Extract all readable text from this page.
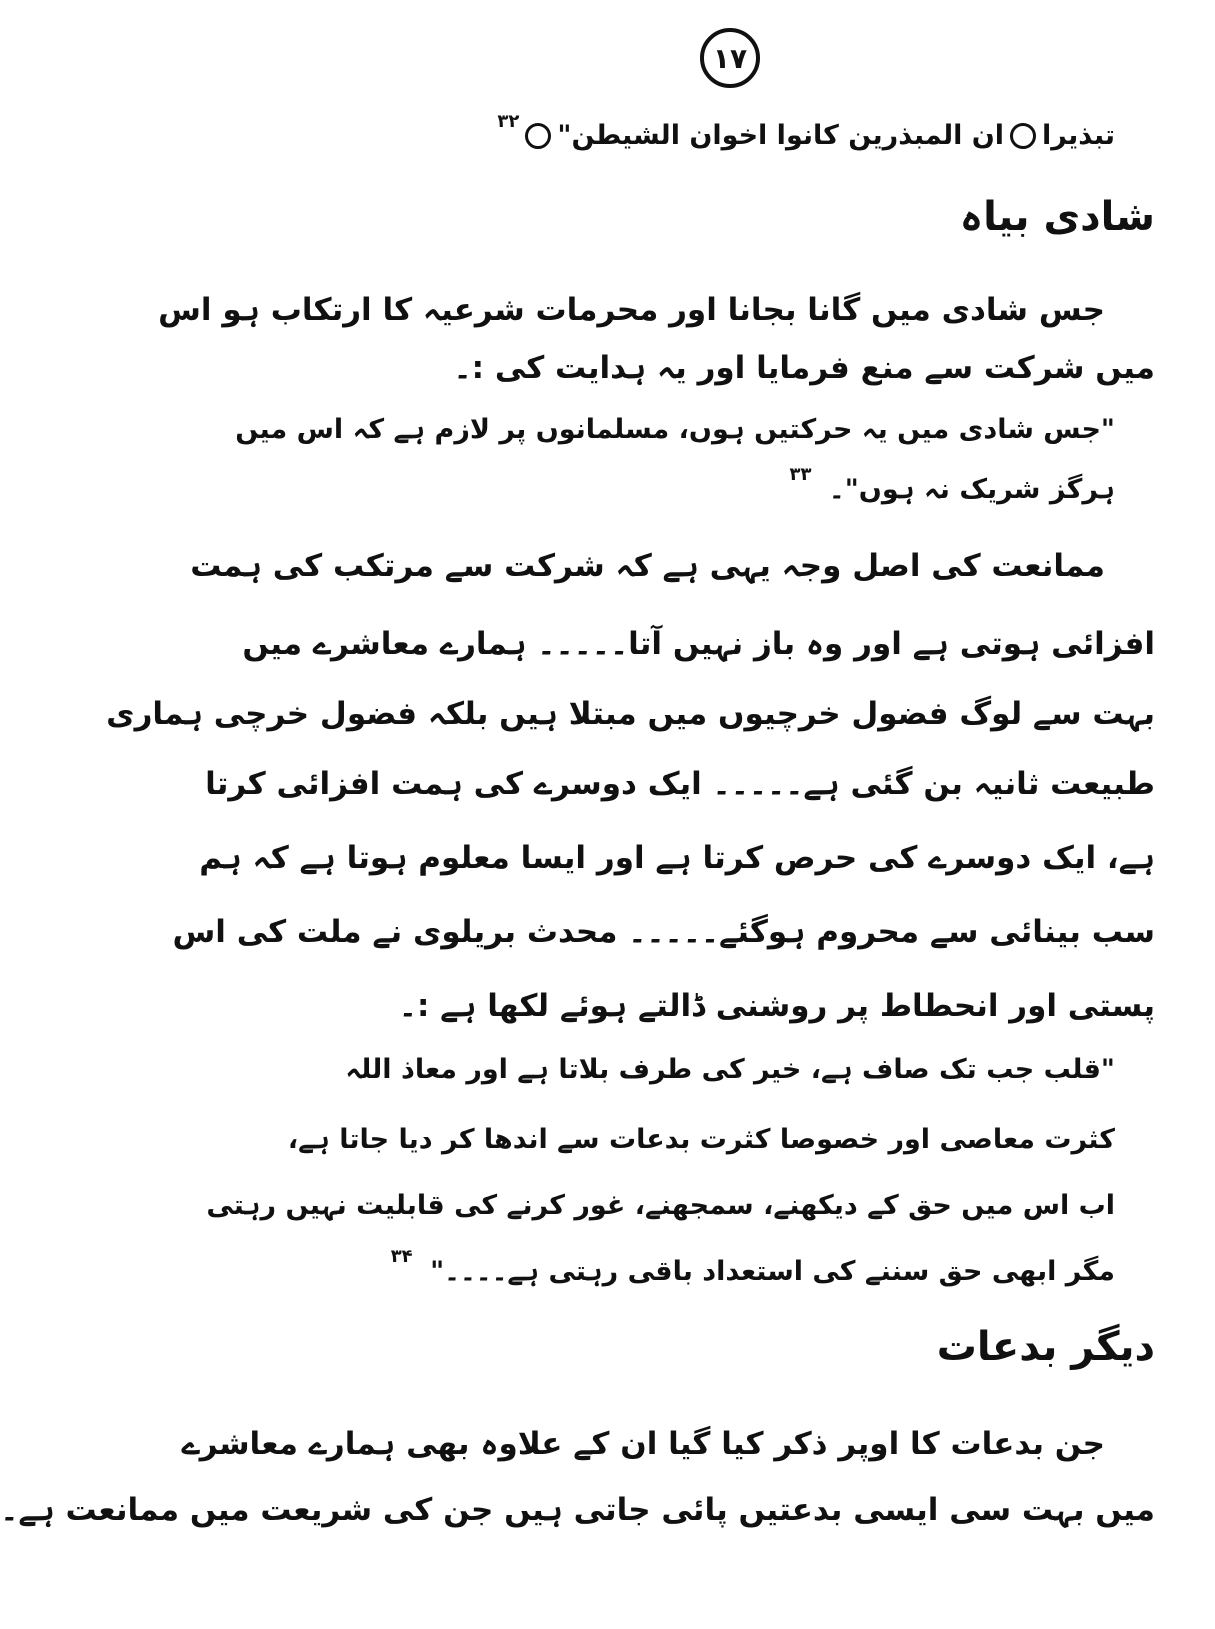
۱۷
تبذیرا
ان المبذرین کانوا اخوان الشیطن"
۳۲
شادی بیاہ
جس شادی میں گانا بجانا اور محرمات شرعیہ کا ارتکاب ہو اس
میں شرکت سے منع فرمایا اور یہ ہدایت کی :۔
"جس شادی میں یہ حرکتیں ہوں، مسلمانوں پر لازم ہے کہ اس میں
ہرگز شریک نہ ہوں"۔ $^{۳۳}$
ممانعت کی اصل وجہ یہی ہے کہ شرکت سے مرتکب کی ہمت
افزائی ہوتی ہے اور وہ باز نہیں آتا۔۔۔۔۔ ہمارے معاشرے میں
بہت سے لوگ فضول خرچیوں میں مبتلا ہیں بلکہ فضول خرچی ہماری
طبیعت ثانیہ بن گئی ہے۔۔۔۔۔ ایک دوسرے کی ہمت افزائی کرتا
ہے، ایک دوسرے کی حرص کرتا ہے اور ایسا معلوم ہوتا ہے کہ ہم
سب بینائی سے محروم ہوگئے۔۔۔۔۔ محدث بریلوی نے ملت کی اس
پستی اور انحطاط پر روشنی ڈالتے ہوئے لکھا ہے :۔
"قلب جب تک صاف ہے، خیر کی طرف بلاتا ہے اور معاذ اللہ
کثرت معاصی اور خصوصا کثرت بدعات سے اندھا کر دیا جاتا ہے،
اب اس میں حق کے دیکھنے، سمجھنے، غور کرنے کی قابلیت نہیں رہتی
مگر ابھی حق سننے کی استعداد باقی رہتی ہے۔۔۔۔" $^{۳۴}$
دیگر بدعات
جن بدعات کا اوپر ذکر کیا گیا ان کے علاوہ بھی ہمارے معاشرے
میں بہت سی ایسی بدعتیں پائی جاتی ہیں جن کی شریعت میں ممانعت ہے۔
